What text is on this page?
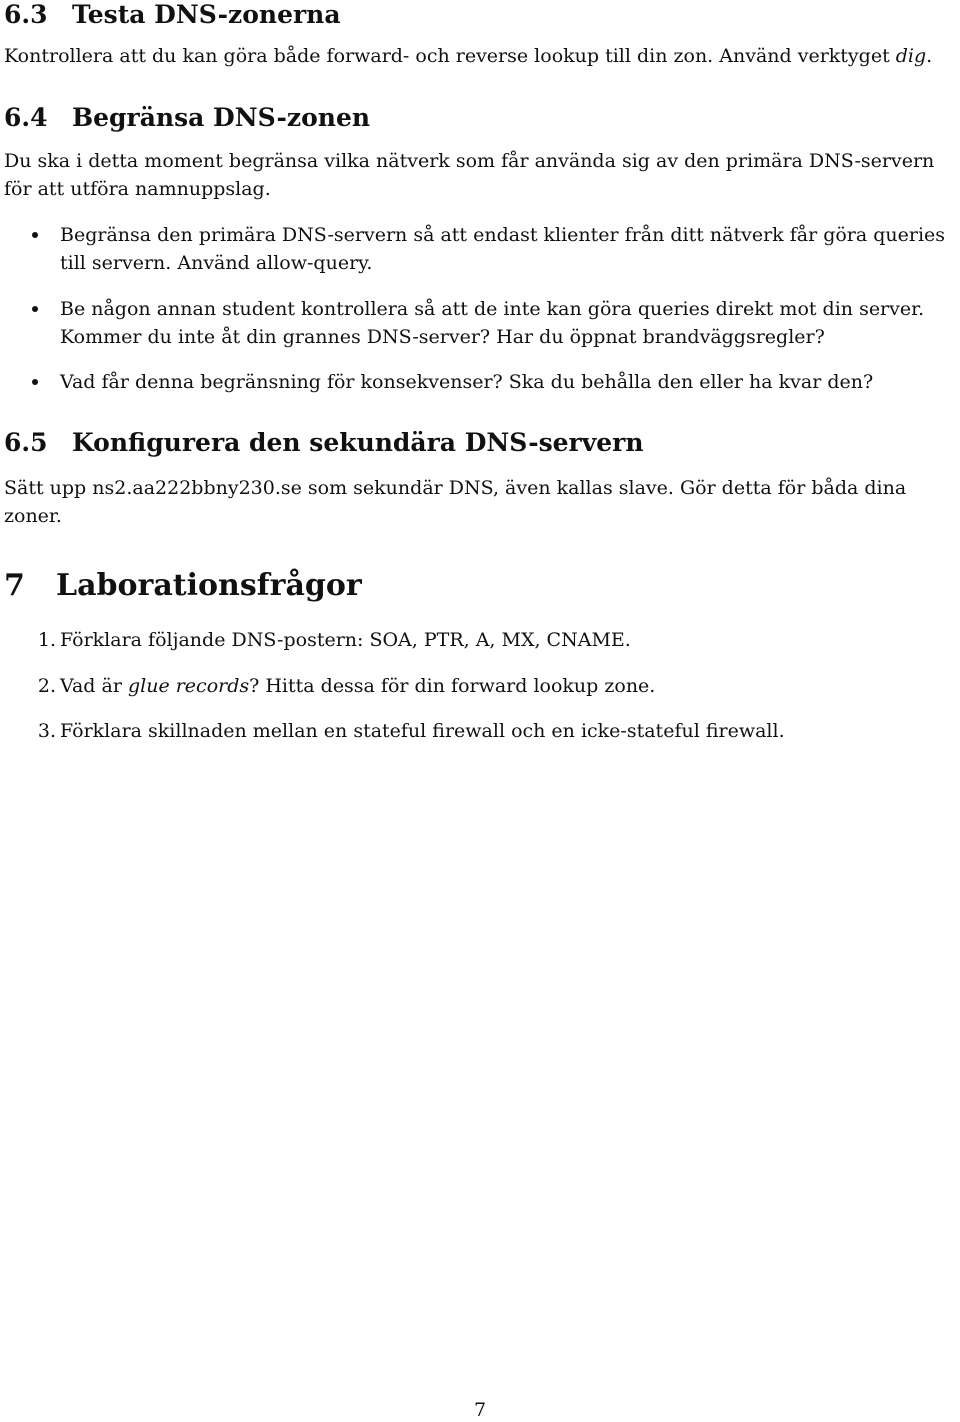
6.3 Testa DNS-zonerna
Kontrollera att du kan göra både forward- och reverse lookup till din zon. Använd verktyget dig.
6.4 Begränsa DNS-zonen
Du ska i detta moment begränsa vilka nätverk som får använda sig av den primära DNS-servern för att utföra namnuppslag.
Begränsa den primära DNS-servern så att endast klienter från ditt nätverk får göra queries till servern. Använd allow-query.
Be någon annan student kontrollera så att de inte kan göra queries direkt mot din server. Kommer du inte åt din grannes DNS-server? Har du öppnat brandväggsregler?
Vad får denna begränsning för konsekvenser? Ska du behålla den eller ha kvar den?
6.5 Konfigurera den sekundära DNS-servern
Sätt upp ns2.aa222bbny230.se som sekundär DNS, även kallas slave. Gör detta för båda dina zoner.
7 Laborationsfrågor
1. Förklara följande DNS-postern: SOA, PTR, A, MX, CNAME.
2. Vad är glue records? Hitta dessa för din forward lookup zone.
3. Förklara skillnaden mellan en stateful firewall och en icke-stateful firewall.
7
